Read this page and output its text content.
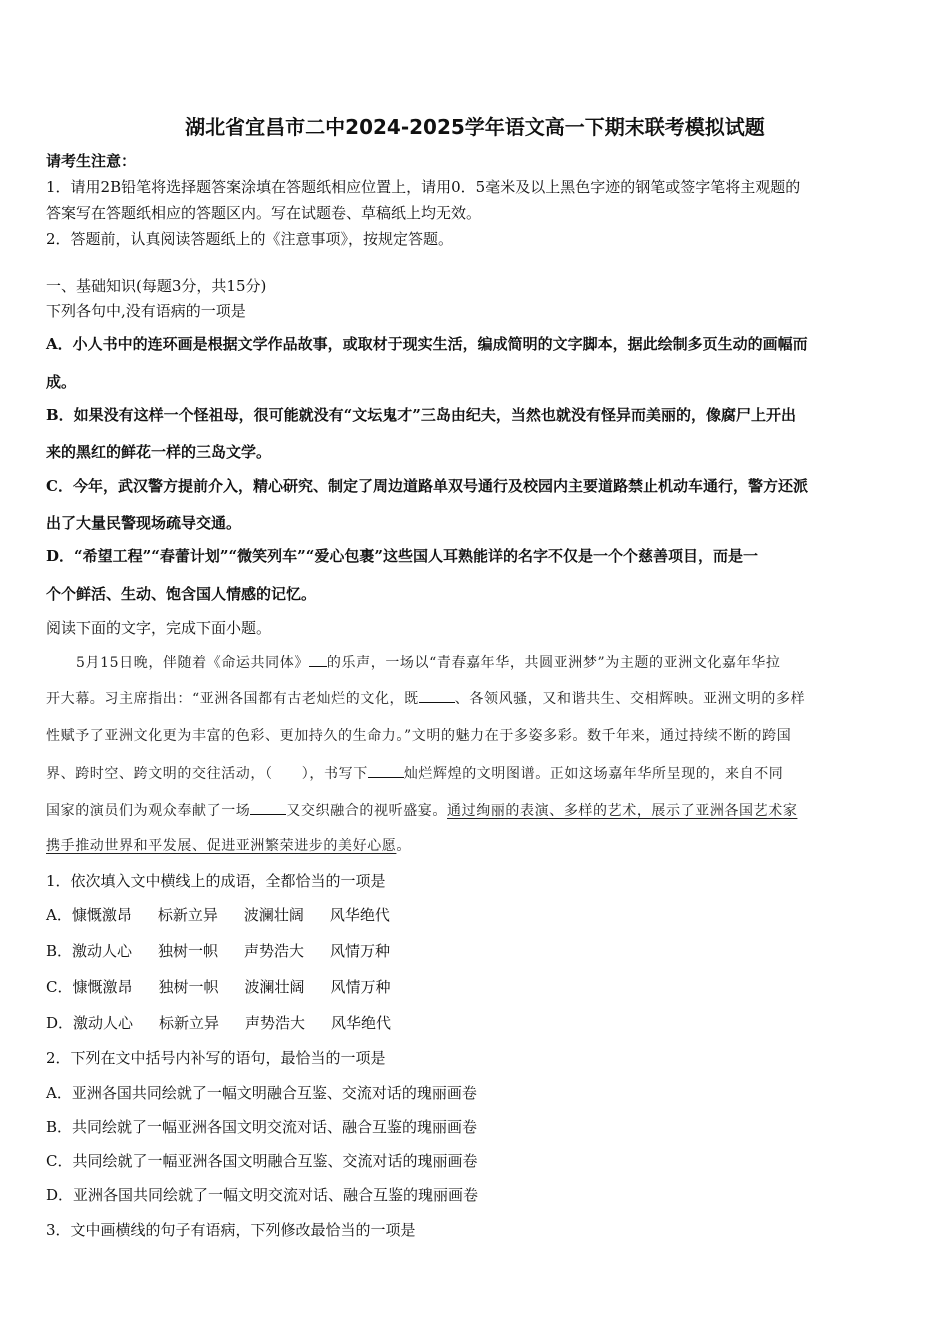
湖北省宜昌市二中2024-2025学年语文高一下期末联考模拟试题
请考生注意：
1．请用2B铅笔将选择题答案涂填在答题纸相应位置上，请用0．5毫米及以上黑色字迹的钢笔或签字笔将主观题的
答案写在答题纸相应的答题区内。写在试题卷、草稿纸上均无效。
2．答题前，认真阅读答题纸上的《注意事项》，按规定答题。
一、基础知识(每题3分，共15分)
下列各句中,没有语病的一项是
A．小人书中的连环画是根据文学作品故事，或取材于现实生活，编成简明的文字脚本，据此绘制多页生动的画幅而
成。
B．如果没有这样一个怪祖母，很可能就没有“文坛鬼才”三岛由纪夫，当然也就没有怪异而美丽的，像腐尸上开出
来的黑红的鲜花一样的三岛文学。
C．今年，武汉警方提前介入，精心研究、制定了周边道路单双号通行及校园内主要道路禁止机动车通行，警方还派
出了大量民警现场疏导交通。
D．“希望工程”“春蕾计划”“微笑列车”“爱心包裹”这些国人耳熟能详的名字不仅是一个个慈善项目，而是一
个个鲜活、生动、饱含国人情感的记忆。
阅读下面的文字，完成下面小题。
5月15日晚，伴随着《命运共同体》 的乐声，一场以“青春嘉年华，共圆亚洲梦”为主题的亚洲文化嘉年华拉
开大幕。习主席指出：“亚洲各国都有古老灿烂的文化，既	、各领风骚，又和谐共生、交相辉映。亚洲文明的多样
性赋予了亚洲文化更为丰富的色彩、更加持久的生命力。”文明的魅力在于多姿多彩。数千年来，通过持续不断的跨国
界、跨时空、跨文明的交往活动，（　　），书写下	灿烂辉煌的文明图谱。正如这场嘉年华所呈现的，来自不同
国家的演员们为观众奉献了一场	又交织融合的视听盛宴。通过绚丽的表演、多样的艺术，展示了亚洲各国艺术家
携手推动世界和平发展、促进亚洲繁荣进步的美好心愿。
1．依次填入文中横线上的成语，全都恰当的一项是
A．慷慨激昂 标新立异 波澜壮阔 风华绝代
B．激动人心 独树一帜 声势浩大 风情万种
C．慷慨激昂 独树一帜 波澜壮阔 风情万种
D．激动人心 标新立异 声势浩大 风华绝代
2．下列在文中括号内补写的语句，最恰当的一项是
A．亚洲各国共同绘就了一幅文明融合互鉴、交流对话的瑰丽画卷
B．共同绘就了一幅亚洲各国文明交流对话、融合互鉴的瑰丽画卷
C．共同绘就了一幅亚洲各国文明融合互鉴、交流对话的瑰丽画卷
D．亚洲各国共同绘就了一幅文明交流对话、融合互鉴的瑰丽画卷
3．文中画横线的句子有语病，下列修改最恰当的一项是
